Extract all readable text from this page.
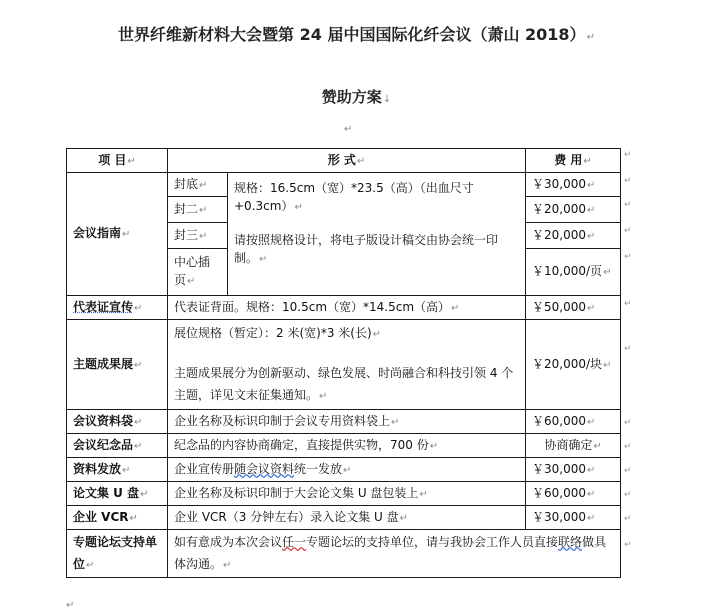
世界纤维新材料大会暨第 24 届中国国际化纤会议（萧山 2018）↵
赞助方案↓
↵
项 目↵	形 式↵		费 用↵
会议指南↵	封底↵	规格：16.5cm（宽）*23.5（高）（出血尺寸+0.3cm）↵
请按照规格设计，将电子版设计稿交由协会统一印制。↵	￥30,000↵
	封二↵		￥20,000↵
	封三↵		￥20,000↵
	中心插页↵		￥10,000/页↵
代表证宣传↵	代表证背面。规格：10.5cm（宽）*14.5cm（高）↵		￥50,000↵
主题成果展↵	展位规格（暂定）：2 米(宽)*3 米(长)↵
主题成果展分为创新驱动、绿色发展、时尚融合和科技引领 4 个主题，详见文末征集通知。↵		￥20,000/块↵
会议资料袋↵	企业名称及标识印制于会议专用资料袋上↵		￥60,000↵
会议纪念品↵	纪念品的内容协商确定，直接提供实物，700 份↵		协商确定↵
资料发放↵	企业宣传册随会议资料统一发放↵		￥30,000↵
论文集 U 盘↵	企业名称及标识印制于大会论文集 U 盘包装上↵		￥60,000↵
企业 VCR↵	企业 VCR（3 分钟左右）录入论文集 U 盘↵		￥30,000↵
专题论坛支持单位↵	如有意成为本次会议任一专题论坛的支持单位，请与我协会工作人员直接联络做具体沟通。↵		
↵
↵
↵
↵
↵
↵
↵
↵
↵
↵
↵
↵
↵
↵
